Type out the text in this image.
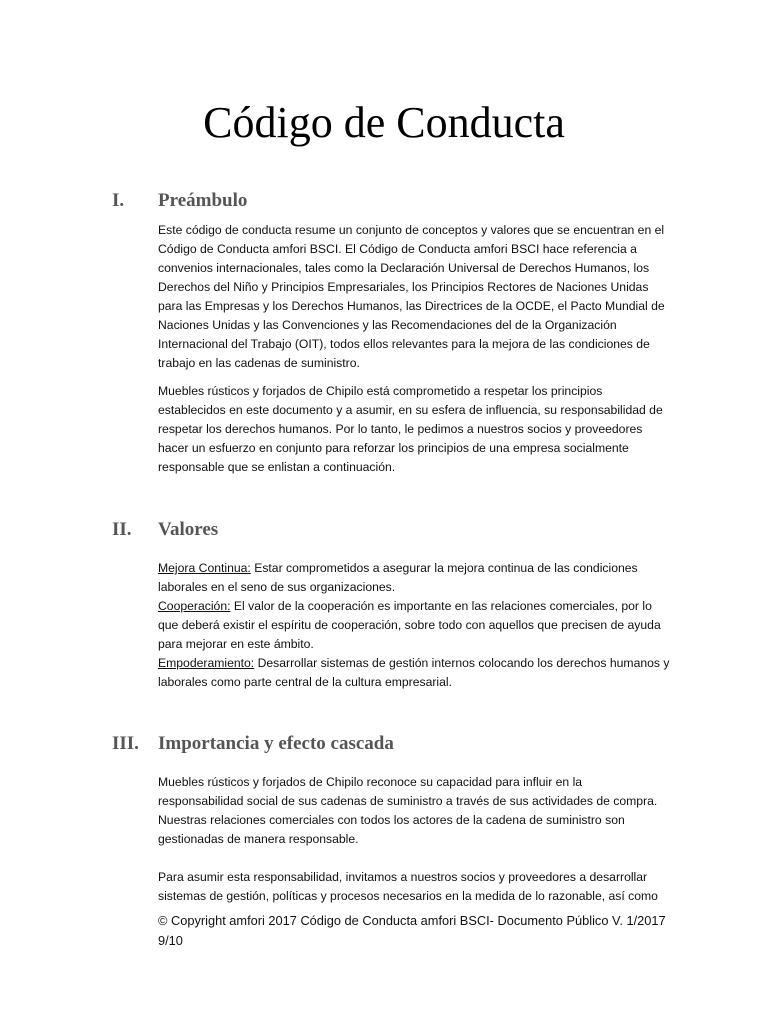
Código de Conducta
I. Preámbulo

Este código de conducta resume un conjunto de conceptos y valores que se encuentran en el Código de Conducta amfori BSCI. El Código de Conducta amfori BSCI hace referencia a convenios internacionales, tales como la Declaración Universal de Derechos Humanos, los Derechos del Niño y Principios Empresariales, los Principios Rectores de Naciones Unidas para las Empresas y los Derechos Humanos, las Directrices de la OCDE, el Pacto Mundial de Naciones Unidas y las Convenciones y las Recomendaciones del de la Organización Internacional del Trabajo (OIT), todos ellos relevantes para la mejora de las condiciones de trabajo en las cadenas de suministro.

Muebles rústicos y forjados de Chipilo está comprometido a respetar los principios establecidos en este documento y a asumir, en su esfera de influencia, su responsabilidad de respetar los derechos humanos. Por lo tanto, le pedimos a nuestros socios y proveedores hacer un esfuerzo en conjunto para reforzar los principios de una empresa socialmente responsable que se enlistan a continuación.

II. Valores

Mejora Continua: Estar comprometidos a asegurar la mejora continua de las condiciones laborales en el seno de sus organizaciones.

Cooperación: El valor de la cooperación es importante en las relaciones comerciales, por lo que deberá existir el espíritu de cooperación, sobre todo con aquellos que precisen de ayuda para mejorar en este ámbito.

Empoderamiento: Desarrollar sistemas de gestión internos colocando los derechos humanos y laborales como parte central de la cultura empresarial.

III. Importancia y efecto cascada

Muebles rústicos y forjados de Chipilo reconoce su capacidad para influir en la responsabilidad social de sus cadenas de suministro a través de sus actividades de compra. Nuestras relaciones comerciales con todos los actores de la cadena de suministro son gestionadas de manera responsable.

Para asumir esta responsabilidad, invitamos a nuestros socios y proveedores a desarrollar sistemas de gestión, políticas y procesos necesarios en la medida de lo razonable, así como

© Copyright amfori 2017 Código de Conducta amfori BSCI- Documento Público V. 1/2017
9/10
